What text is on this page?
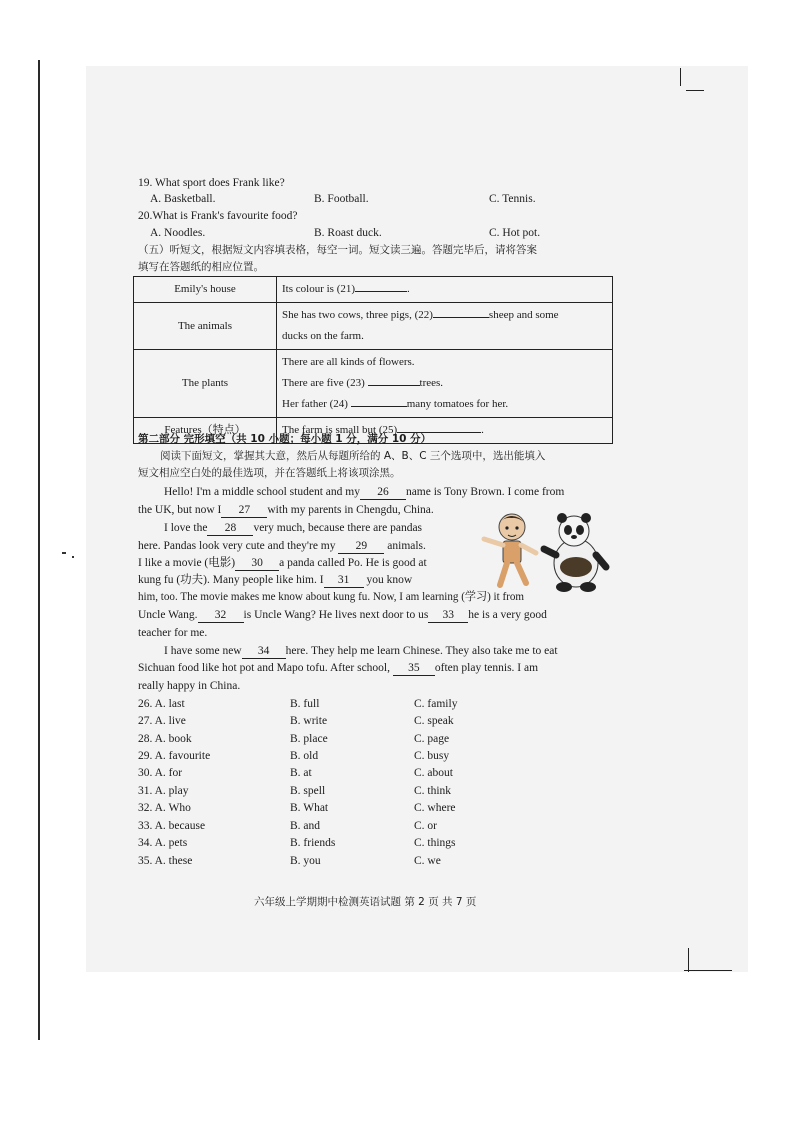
19. What sport does Frank like?
A. Basketball.	B. Football.	C. Tennis.
20.What is Frank's favourite food?
A. Noodles.	B. Roast duck.	C. Hot pot.
（五）听短文，根据短文内容填表格，每空一词。短文读三遍。答题完毕后，请将答案
填写在答题纸的相应位置。
Emily's house	Its colour is (21) .
The animals	She has two cows, three pigs, (22) sheep and some
ducks on the farm.
The plants	There are all kinds of flowers.
There are five (23) trees.
Her father (24) many tomatoes for her.
Features（特点）	The farm is small but (25) .
第二部分 完形填空（共 10 小题；每小题 1 分，满分 10 分）
阅读下面短文，掌握其大意，然后从每题所给的 A、B、C 三个选项中，选出能填入
短文相应空白处的最佳选项，并在答题纸上将该项涂黑。
Hello! I'm a middle school student and my 26 name is Tony Brown. I come from
the UK, but now I 27 with my parents in Chengdu, China.
I love the 28 very much, because there are pandas
here. Pandas look very cute and they're my 29 animals.
I like a movie (电影) 30 a panda called Po. He is good at
kung fu (功夫). Many people like him. I 31 you know
him, too. The movie makes me know about kung fu. Now, I am learning (学习) it from
Uncle Wang. 32 is Uncle Wang? He lives next door to us 33 he is a very good
teacher for me.
I have some new 34 here. They help me learn Chinese. They also take me to eat
Sichuan food like hot pot and Mapo tofu. After school, 35 often play tennis. I am
really happy in China.
26. A. last	B. full	C. family
27. A. live	B. write	C. speak
28. A. book	B. place	C. page
29. A. favourite	B. old	C. busy
30. A. for	B. at	C. about
31. A. play	B. spell	C. think
32. A. Who	B. What	C. where
33. A. because	B. and	C. or
34. A. pets	B. friends	C. things
35. A. these	B. you	C. we
六年级上学期期中检测英语试题 第 2 页 共 7 页
